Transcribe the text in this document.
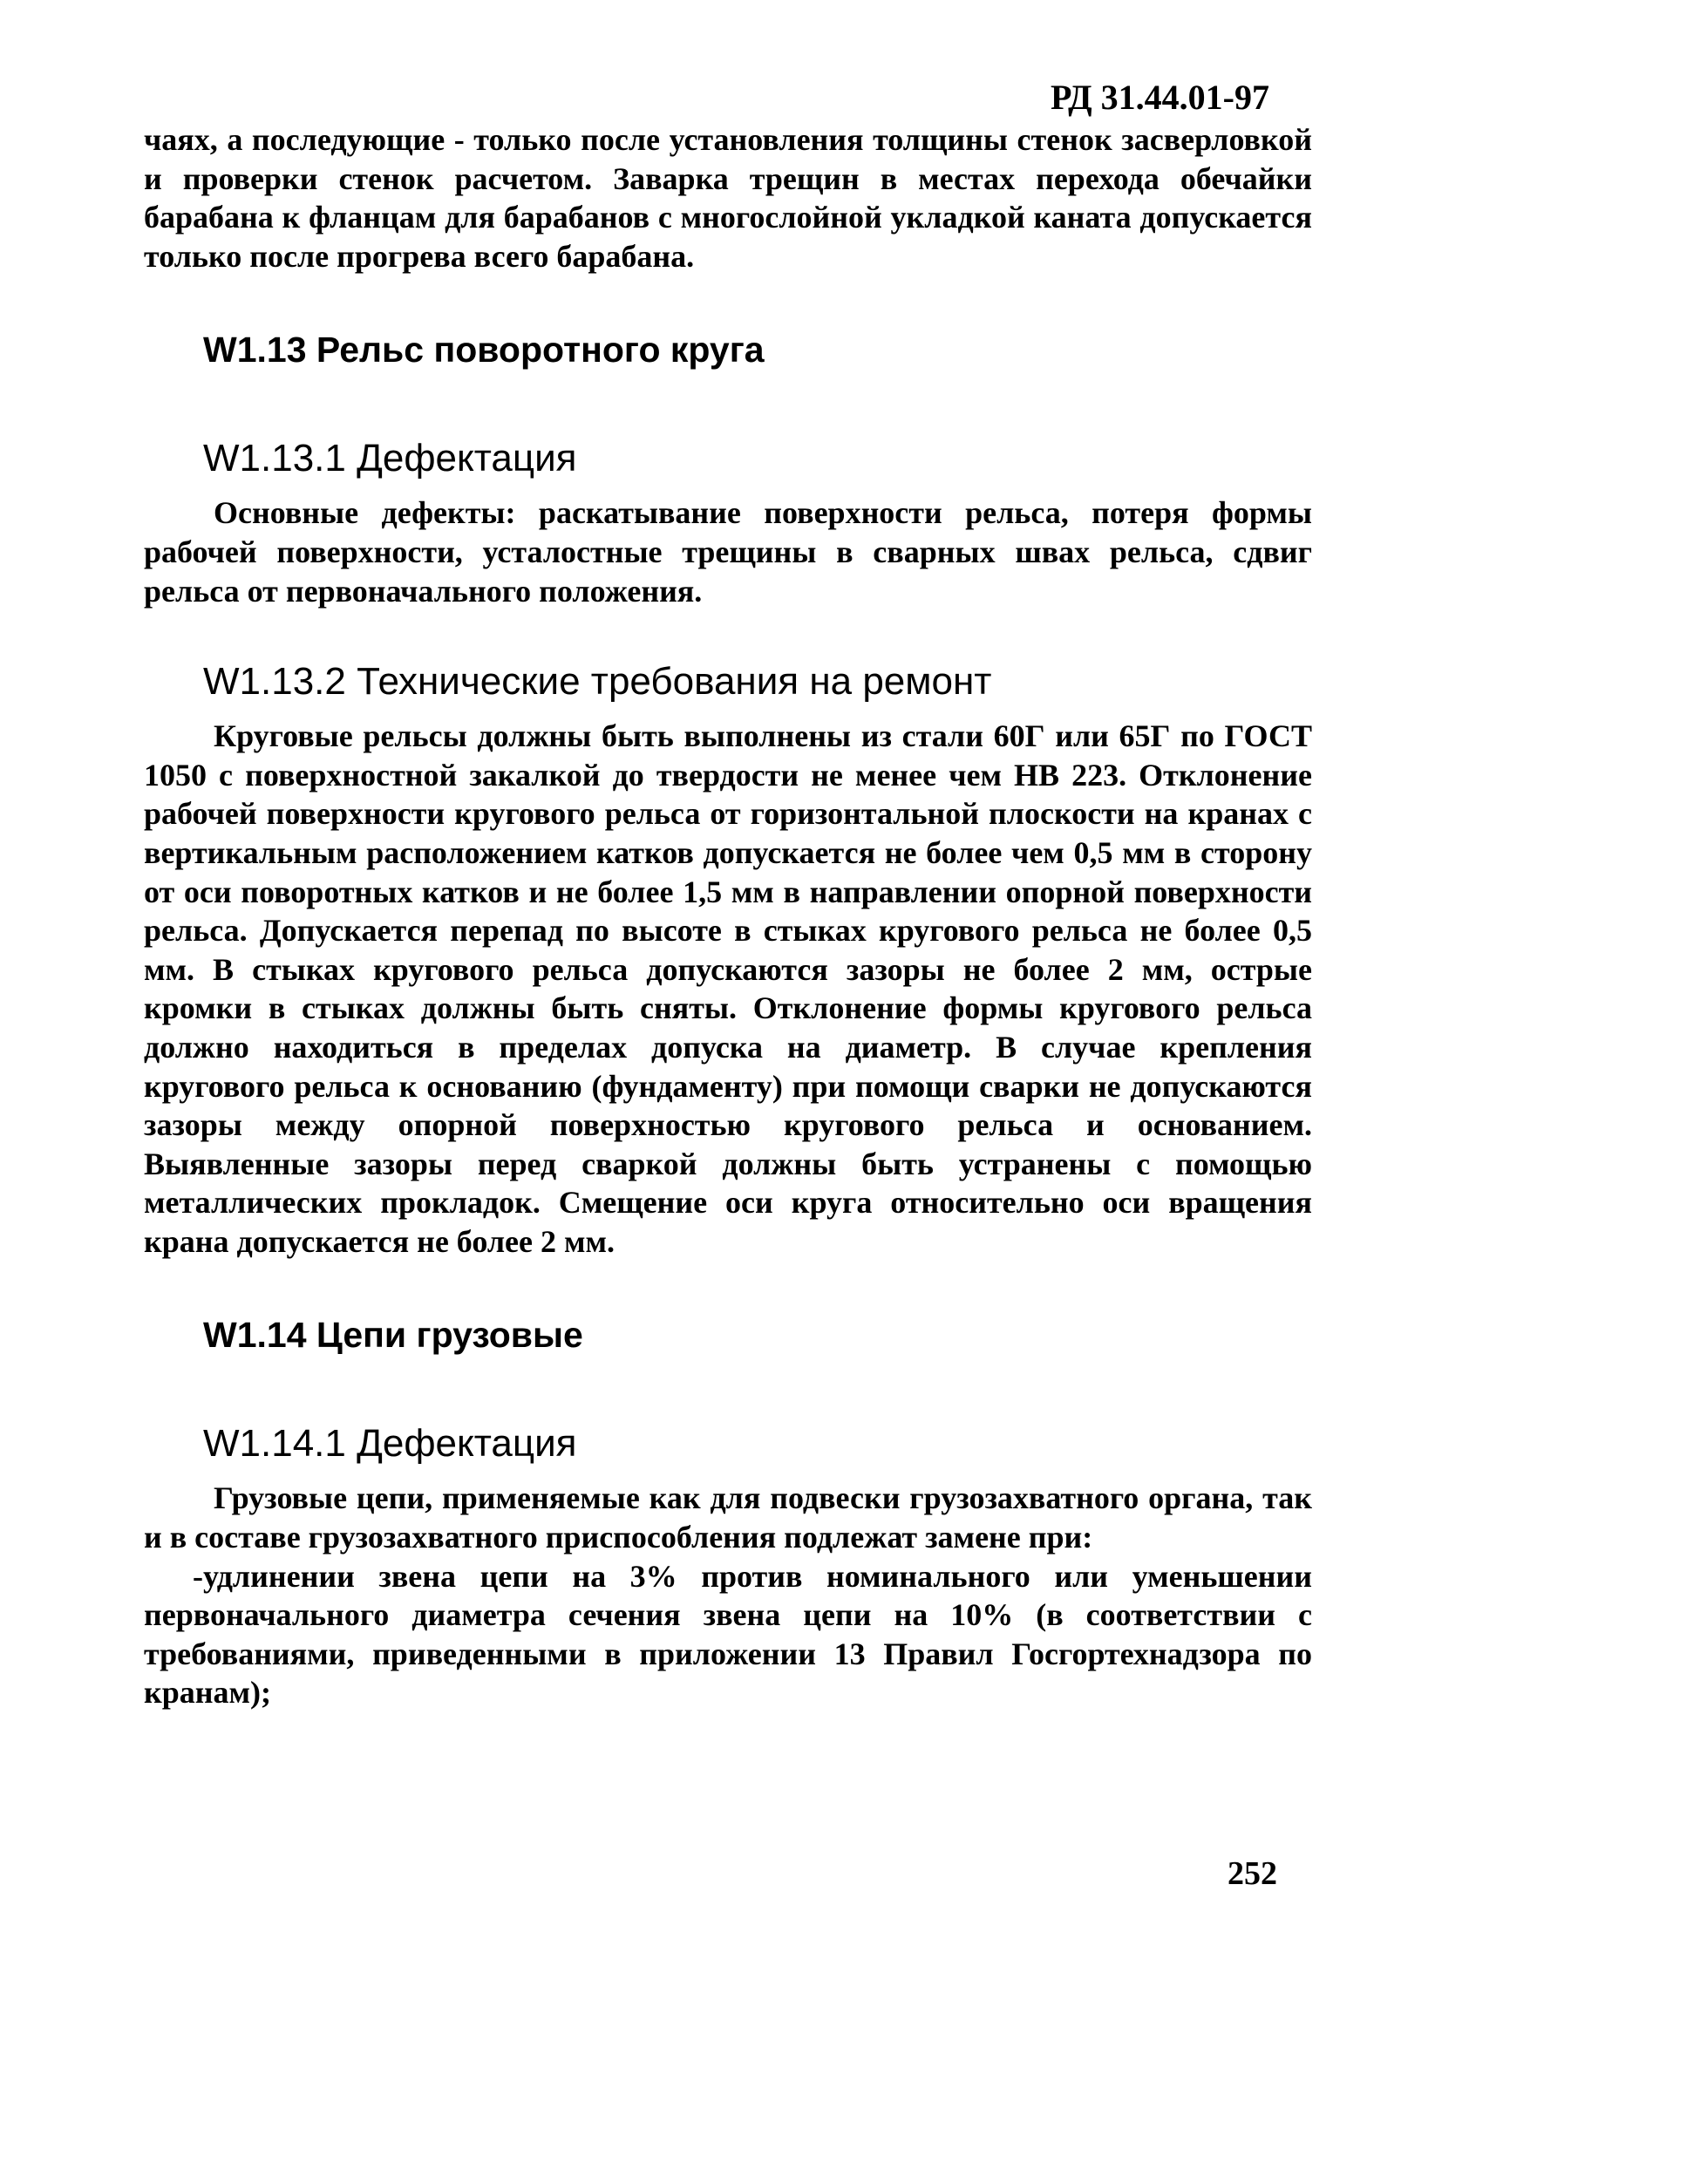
РД 31.44.01-97

чаях, а последующие - только после установления толщины стенок засверловкой и проверки стенок расчетом. Заварка трещин в местах перехода обечайки барабана к фланцам для барабанов с многослойной укладкой каната допускается только после прогрева всего барабана.

W1.13 Рельс поворотного круга
W1.13.1 Дефектация

Основные дефекты: раскатывание поверхности рельса, потеря формы рабочей поверхности, усталостные трещины в сварных швах рельса, сдвиг рельса от первоначального положения.

W1.13.2 Технические требования на ремонт

Круговые рельсы должны быть выполнены из стали 60Г или 65Г по ГОСТ 1050 с поверхностной закалкой до твердости не менее чем НВ 223. Отклонение рабочей поверхности кругового рельса от горизонтальной плоскости на кранах с вертикальным расположением катков допускается не более чем 0,5 мм в сторону от оси поворотных катков и не более 1,5 мм в направлении опорной поверхности рельса. Допускается перепад по высоте в стыках кругового рельса не более 0,5 мм. В стыках кругового рельса допускаются зазоры не более 2 мм, острые кромки в стыках должны быть сняты. Отклонение формы кругового рельса должно находиться в пределах допуска на диаметр. В случае крепления кругового рельса к основанию (фундаменту) при помощи сварки не допускаются зазоры между опорной поверхностью кругового рельса и основанием. Выявленные зазоры перед сваркой должны быть устранены с помощью металлических прокладок. Смещение оси круга относительно оси вращения крана допускается не более 2 мм.

W1.14 Цепи грузовые
W1.14.1 Дефектация

Грузовые цепи, применяемые как для подвески грузозахватного органа, так и в составе грузозахватного приспособления подлежат замене при:

-удлинении звена цепи на 3% против номинального или уменьшении первоначального диаметра сечения звена цепи на 10% (в соответствии с требованиями, приведенными в приложении 13 Правил Госгортехнадзора по кранам);

252
